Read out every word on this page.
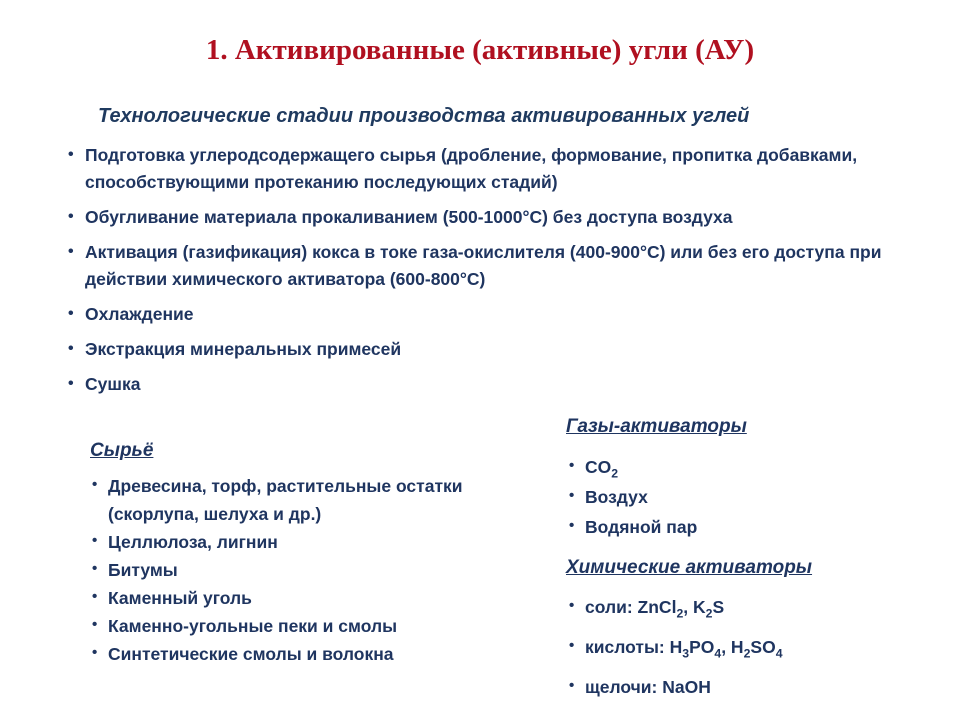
1. Активированные (активные) угли (АУ)
Технологические стадии производства активированных углей
• Подготовка углеродсодержащего сырья (дробление, формование, пропитка добавками, способствующими протеканию последующих стадий)
• Обугливание материала прокаливанием (500-1000°С) без доступа воздуха
• Активация (газификация) кокса в токе газа-окислителя (400-900°С) или без его доступа при действии химического активатора (600-800°С)
• Охлаждение
• Экстракция минеральных примесей
• Сушка
Сырьё
• Древесина, торф, растительные остатки (скорлупа, шелуха и др.)
• Целлюлоза, лигнин
• Битумы
• Каменный уголь
• Каменно-угольные пеки и смолы
• Синтетические смолы и волокна
Газы-активаторы
• $CO_2$
• Воздух
• Водяной пар
Химические активаторы
• соли: ZnCl$_2$, $K_2S$
• кислоты: $H_3PO_4$, $H_2SO_4$
• щелочи: NaOH
